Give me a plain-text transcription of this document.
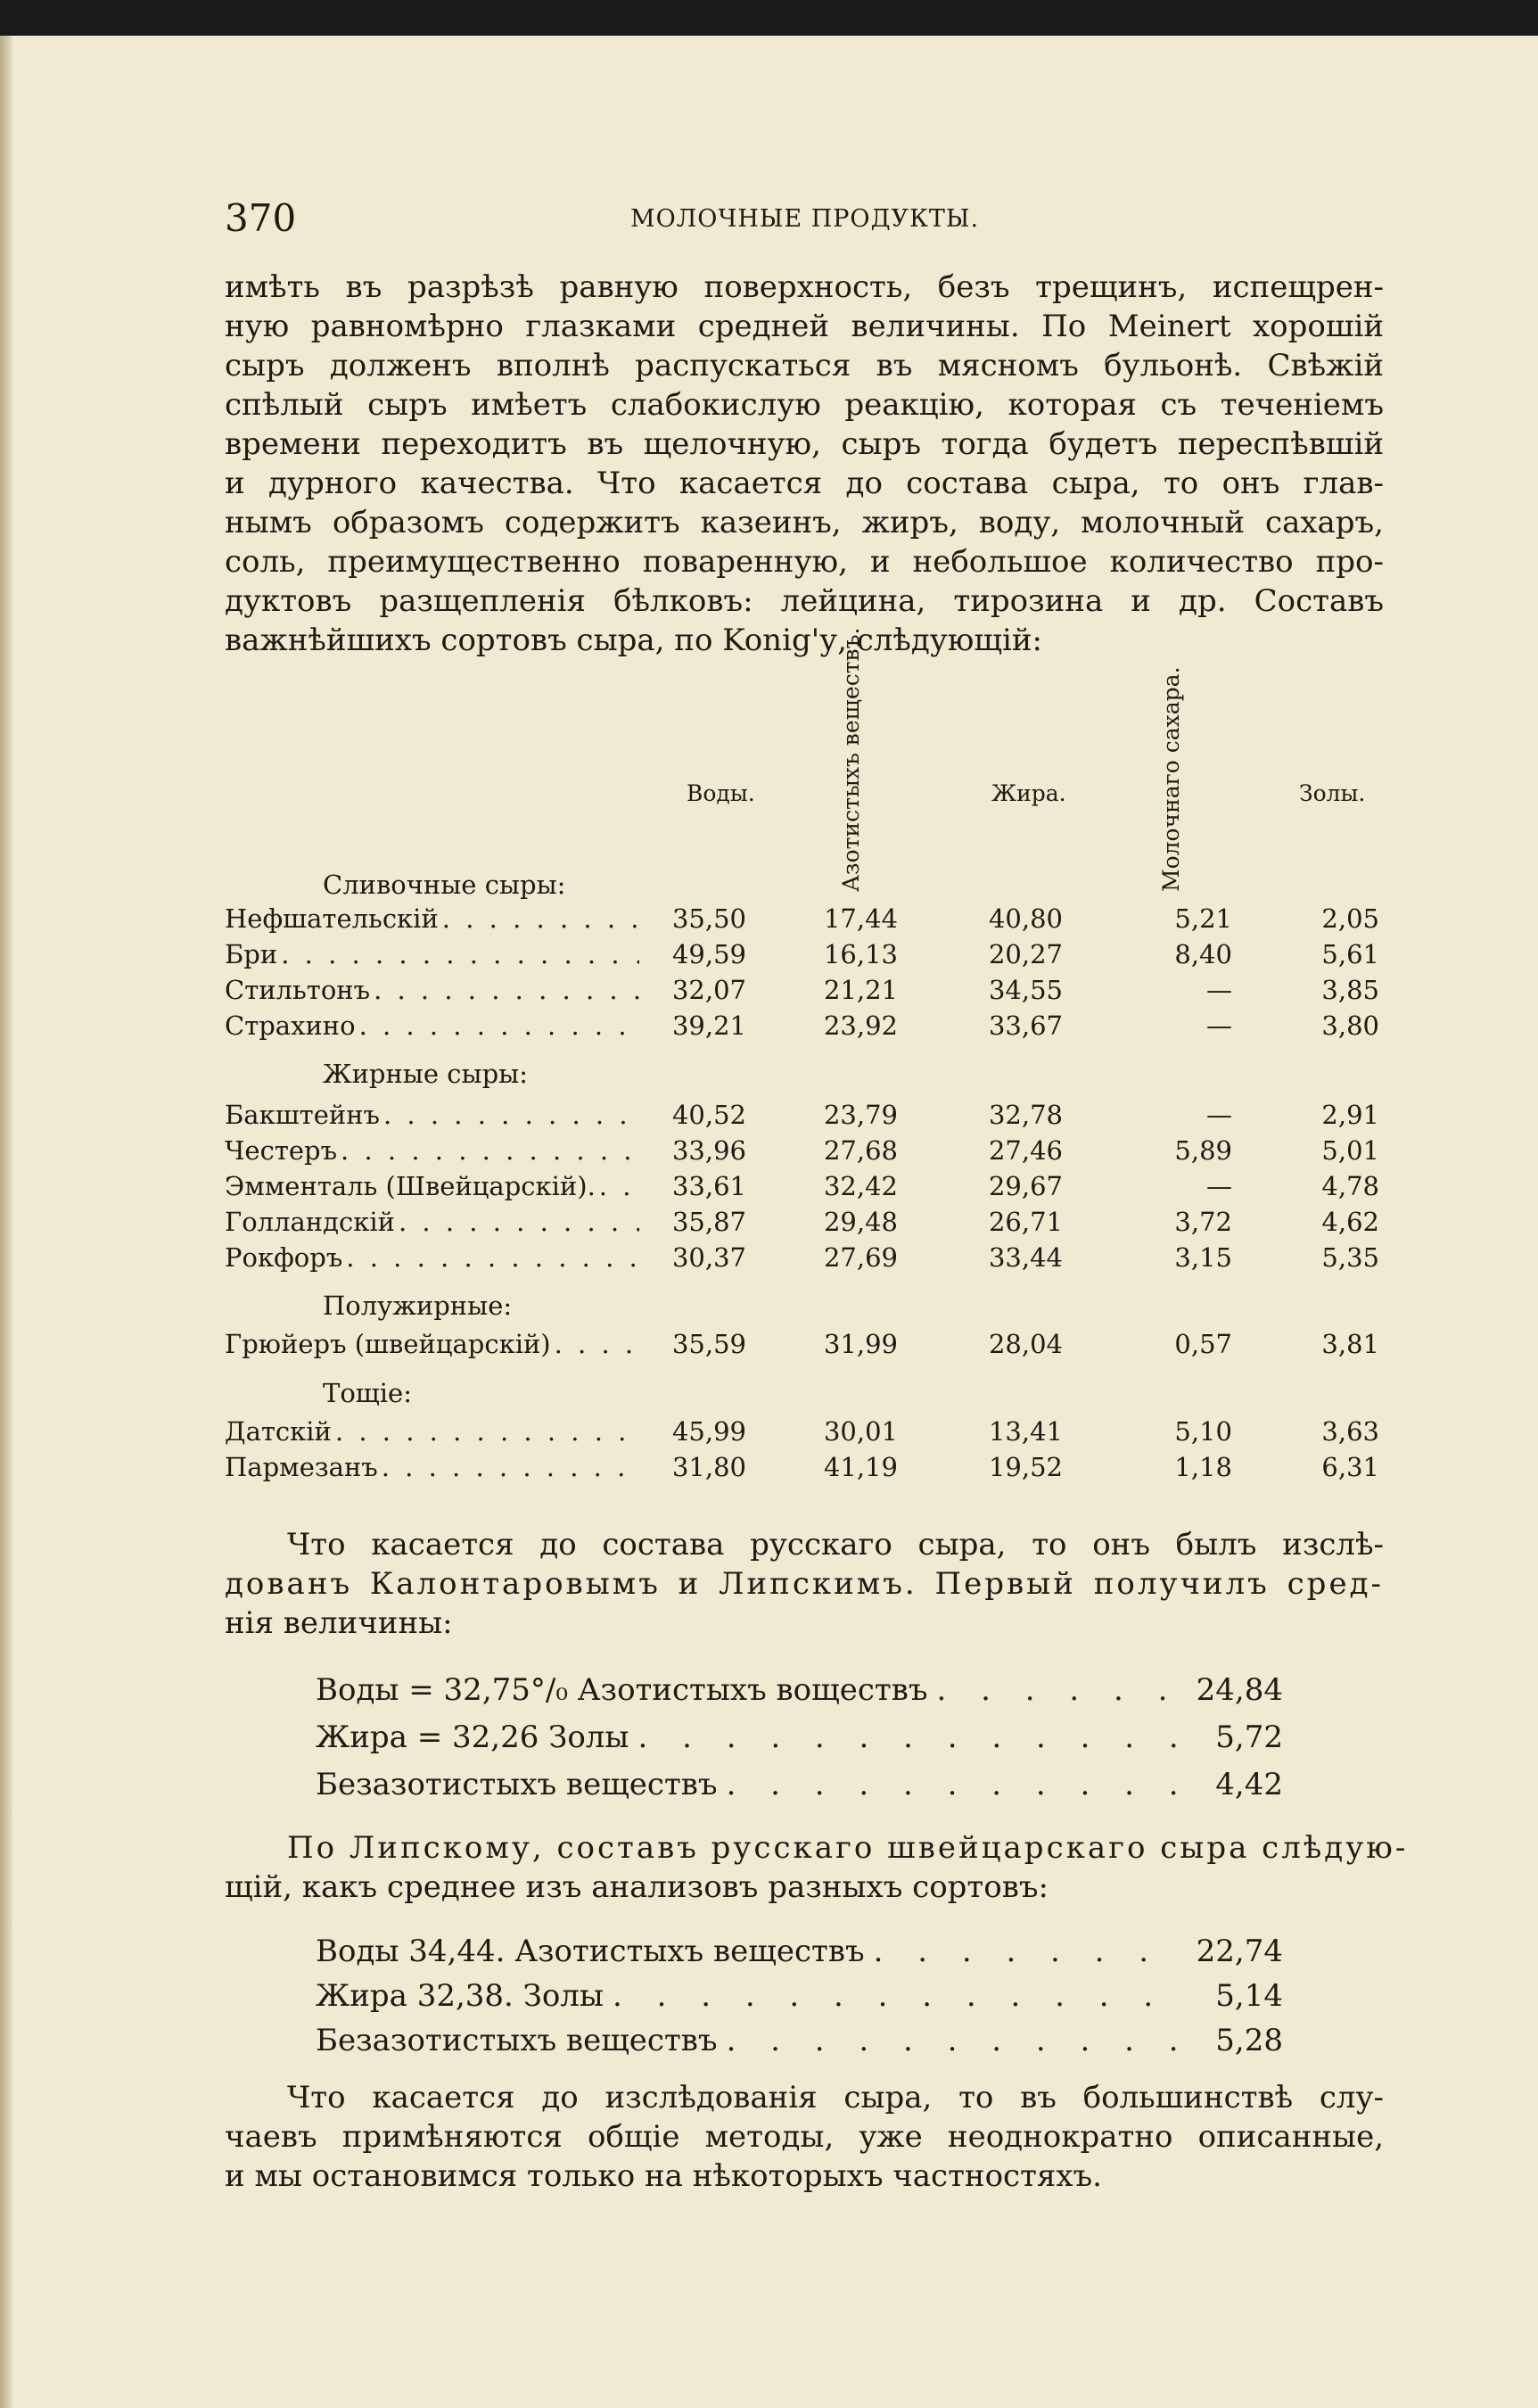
370	МОЛОЧНЫЕ ПРОДУКТЫ.
имѣть въ разрѣзѣ равную поверхность, безъ трещинъ, испещрен-
ную равномѣрно глазками средней величины. По Meinert хорошій
сыръ долженъ вполнѣ распускаться въ мясномъ бульонѣ. Свѣжій
спѣлый сыръ имѣетъ слабокислую реакцію, которая съ теченіемъ
времени переходитъ въ щелочную, сыръ тогда будетъ переспѣвшій
и дурного качества. Что касается до состава сыра, то онъ глав-
нымъ образомъ содержитъ казеинъ, жиръ, воду, молочный сахаръ,
соль, преимущественно поваренную, и небольшое количество про-
дуктовъ разщепленія бѣлковъ: лейцина, тирозина и др. Составъ
важнѣйшихъ сортовъ сыра, по Konig'у, слѣдующій:
Воды.	Азотистыхъ веществъ.	Жира.	Молочнаго сахара.	Золы.
Сливочные сыры:
Нефшательскій . . .	35,50	17,44	40,80	5,21	2,05
Бри . . .	49,59	16,13	20,27	8,40	5,61
Стильтонъ . . .	32,07	21,21	34,55	—	3,85
Страхино . . .	39,21	23,92	33,67	—	3,80
Жирные сыры:
Бакштейнъ . . .	40,52	23,79	32,78	—	2,91
Честеръ . . .	33,96	27,68	27,46	5,89	5,01
Эмменталь (Швейцарскій). . . .	33,61	32,42	29,67	—	4,78
Голландскій . . .	35,87	29,48	26,71	3,72	4,62
Рокфоръ . . .	30,37	27,69	33,44	3,15	5,35
Полужирные:
Грюйеръ (швейцарскій) . . .	35,59	31,99	28,04	0,57	3,81
Тощіе:
Датскій . . .	45,99	30,01	13,41	5,10	3,63
Пармезанъ . . .	31,80	41,19	19,52	1,18	6,31
Что касается до состава русскаго сыра, то онъ былъ изслѣ-
дованъ Калонтаровымъ и Липскимъ. Первый получилъ сред-
нія величины:
Воды = 32,75°/₀ Азотистыхъ воществъ . . .	24,84
Жира = 32,26 Золы . . .	5,72
Безазотистыхъ веществъ . . .	4,42
По Липскому, составъ русскаго швейцарскаго сыра слѣдую-
щій, какъ среднее изъ анализовъ разныхъ сортовъ:
Воды 34,44. Азотистыхъ веществъ . . .	22,74
Жира 32,38. Золы . . .	5,14
Безазотистыхъ веществъ . . .	5,28
Что касается до изслѣдованія сыра, то въ большинствѣ слу-
чаевъ примѣняются общіе методы, уже неоднократно описанные,
и мы остановимся только на нѣкоторыхъ частностяхъ.
